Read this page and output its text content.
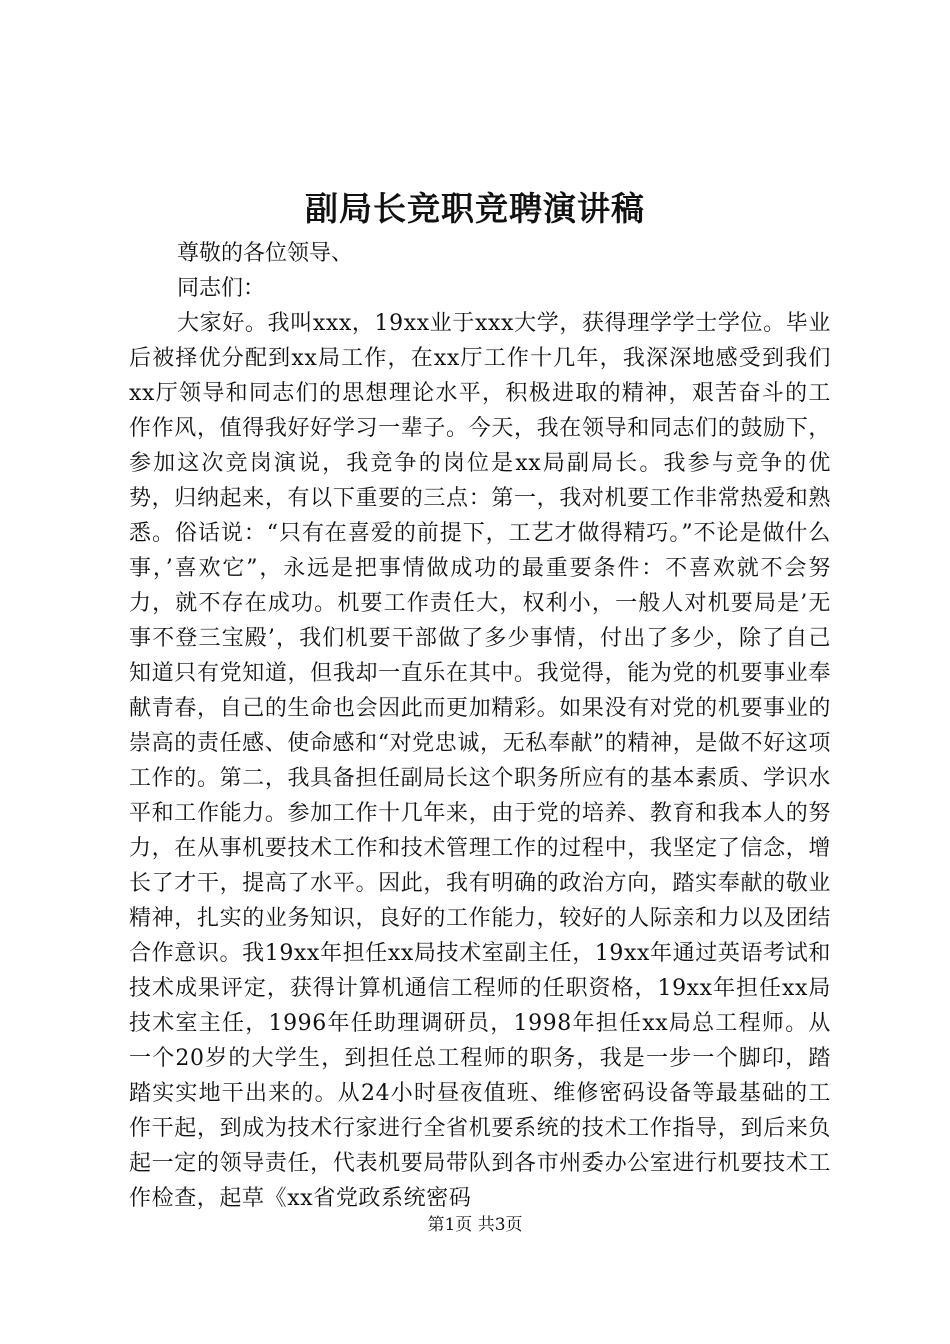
副局长竞职竞聘演讲稿

尊敬的各位领导、

同志们：

大家好。我叫xxx，19xx业于xxx大学，获得理学学士学位。毕业后被择优分配到xx局工作，在xx厅工作十几年，我深深地感受到我们xx厅领导和同志们的思想理论水平，积极进取的精神，艰苦奋斗的工作作风，值得我好好学习一辈子。今天，我在领导和同志们的鼓励下，参加这次竞岗演说，我竞争的岗位是xx局副局长。我参与竞争的优势，归纳起来，有以下重要的三点：第一，我对机要工作非常热爱和熟悉。俗话说：“只有在喜爱的前提下，工艺才做得精巧。”不论是做什么事，’喜欢它”，永远是把事情做成功的最重要条件：不喜欢就不会努力，就不存在成功。机要工作责任大，权利小，一般人对机要局是’无事不登三宝殿’，我们机要干部做了多少事情，付出了多少，除了自己知道只有党知道，但我却一直乐在其中。我觉得，能为党的机要事业奉献青春，自己的生命也会因此而更加精彩。如果没有对党的机要事业的崇高的责任感、使命感和“对党忠诚，无私奉献”的精神，是做不好这项工作的。第二，我具备担任副局长这个职务所应有的基本素质、学识水平和工作能力。参加工作十几年来，由于党的培养、教育和我本人的努力，在从事机要技术工作和技术管理工作的过程中，我坚定了信念，增长了才干，提高了水平。因此，我有明确的政治方向，踏实奉献的敬业精神，扎实的业务知识，良好的工作能力，较好的人际亲和力以及团结合作意识。我19xx年担任xx局技术室副主任，19xx年通过英语考试和技术成果评定，获得计算机通信工程师的任职资格，19xx年担任xx局技术室主任，1996年任助理调研员，1998年担任xx局总工程师。从一个20岁的大学生，到担任总工程师的职务，我是一步一个脚印，踏踏实实地干出来的。从24小时昼夜值班、维修密码设备等最基础的工作干起，到成为技术行家进行全省机要系统的技术工作指导，到后来负起一定的领导责任，代表机要局带队到各市州委办公室进行机要技术工作检查，起草《xx省党政系统密码

第1页 共3页
